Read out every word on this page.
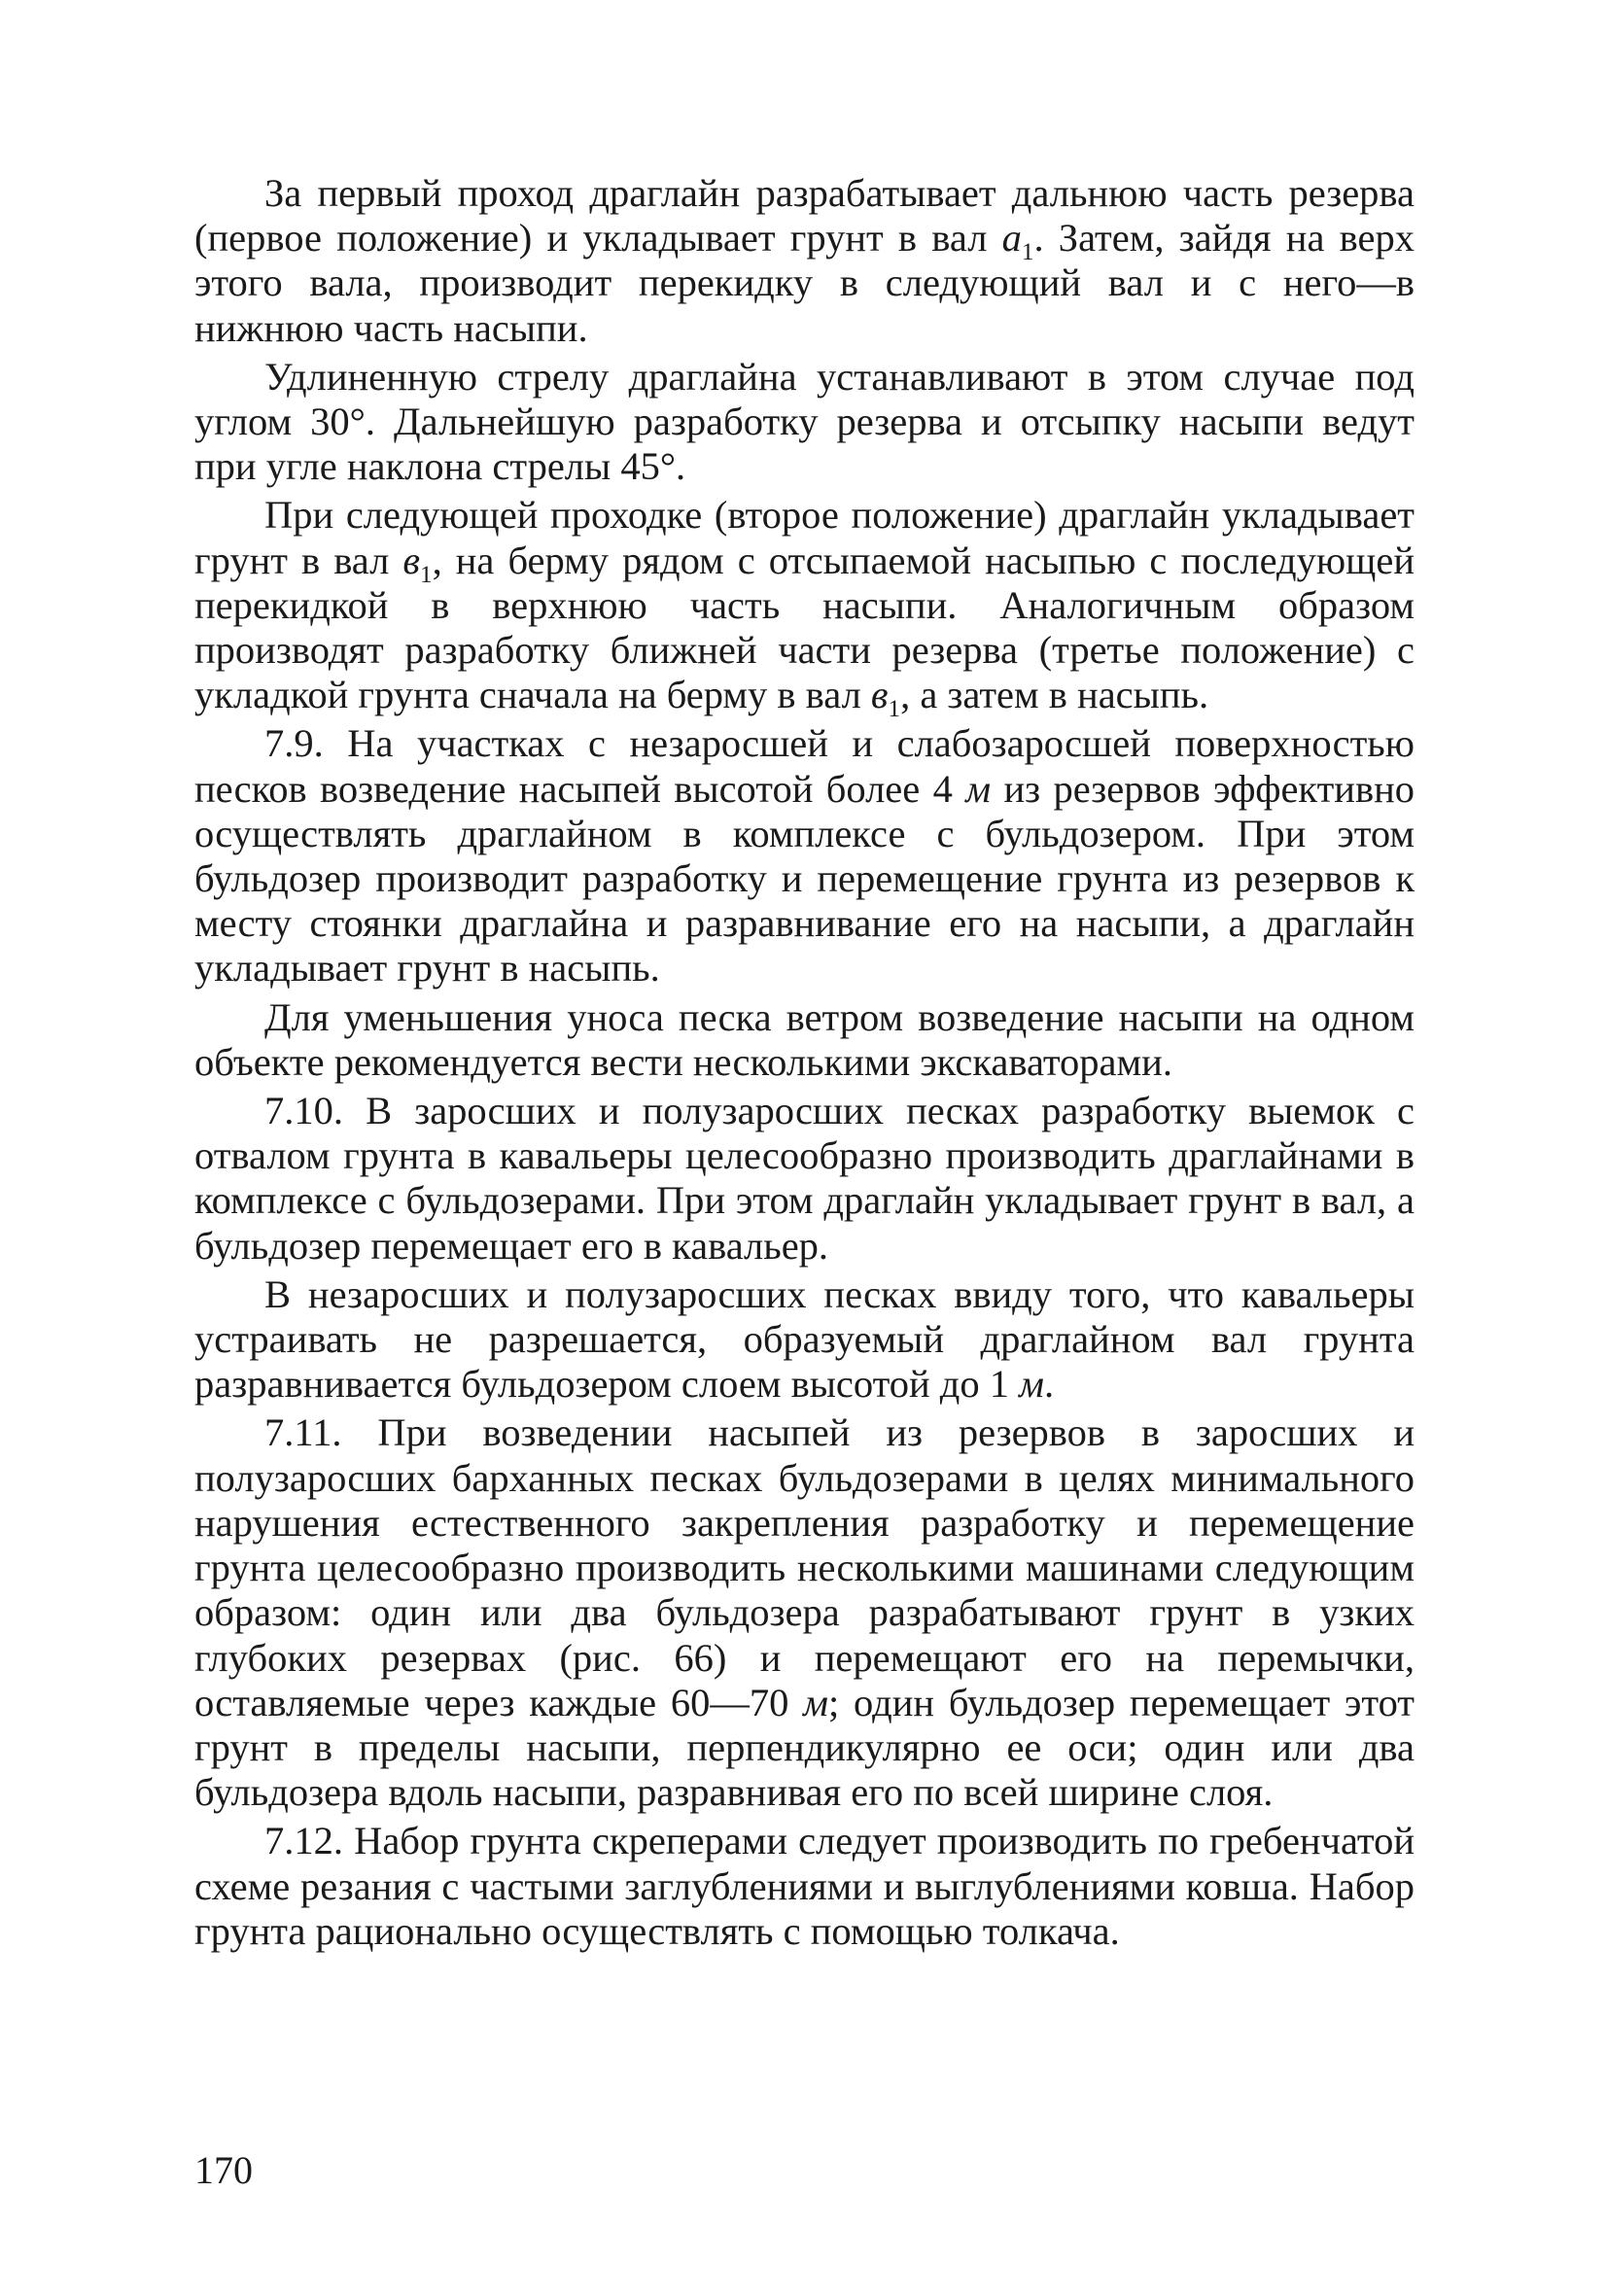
За первый проход драглайн разрабатывает дальнюю часть резерва (первое положение) и укладывает грунт в вал $а_1$. Затем, зайдя на верх этого вала, производит перекидку в следующий вал и с него—в нижнюю часть насыпи.

Удлиненную стрелу драглайна устанавливают в этом случае под углом 30°. Дальнейшую разработку резерва и отсыпку насыпи ведут при угле наклона стрелы 45°.

При следующей проходке (второе положение) драглайн укладывает грунт в вал $в_1$, на берму рядом с отсыпаемой насыпью с последующей перекидкой в верхнюю часть насыпи. Аналогичным образом производят разработку ближней части резерва (третье положение) с укладкой грунта сначала на берму в вал $в_1$, а затем в насыпь.

7.9. На участках с незаросшей и слабозаросшей поверхностью песков возведение насыпей высотой более 4 м из резервов эффективно осуществлять драглайном в комплексе с бульдозером. При этом бульдозер производит разработку и перемещение грунта из резервов к месту стоянки драглайна и разравнивание его на насыпи, а драглайн укладывает грунт в насыпь.

Для уменьшения уноса песка ветром возведение насыпи на одном объекте рекомендуется вести несколькими экскаваторами.

7.10. В заросших и полузаросших песках разработку выемок с отвалом грунта в кавальеры целесообразно производить драглайнами в комплексе с бульдозерами. При этом драглайн укладывает грунт в вал, а бульдозер перемещает его в кавальер.

В незаросших и полузаросших песках ввиду того, что кавальеры устраивать не разрешается, образуемый драглайном вал грунта разравнивается бульдозером слоем высотой до 1 м.

7.11. При возведении насыпей из резервов в заросших и полузаросших барханных песках бульдозерами в целях минимального нарушения естественного закрепления разработку и перемещение грунта целесообразно производить несколькими машинами следующим образом: один или два бульдозера разрабатывают грунт в узких глубоких резервах (рис. 66) и перемещают его на перемычки, оставляемые через каждые 60—70 м; один бульдозер перемещает этот грунт в пределы насыпи, перпендикулярно ее оси; один или два бульдозера вдоль насыпи, разравнивая его по всей ширине слоя.

7.12. Набор грунта скреперами следует производить по гребенчатой схеме резания с частыми заглублениями и выглублениями ковша. Набор грунта рационально осуществлять с помощью толкача.

170
